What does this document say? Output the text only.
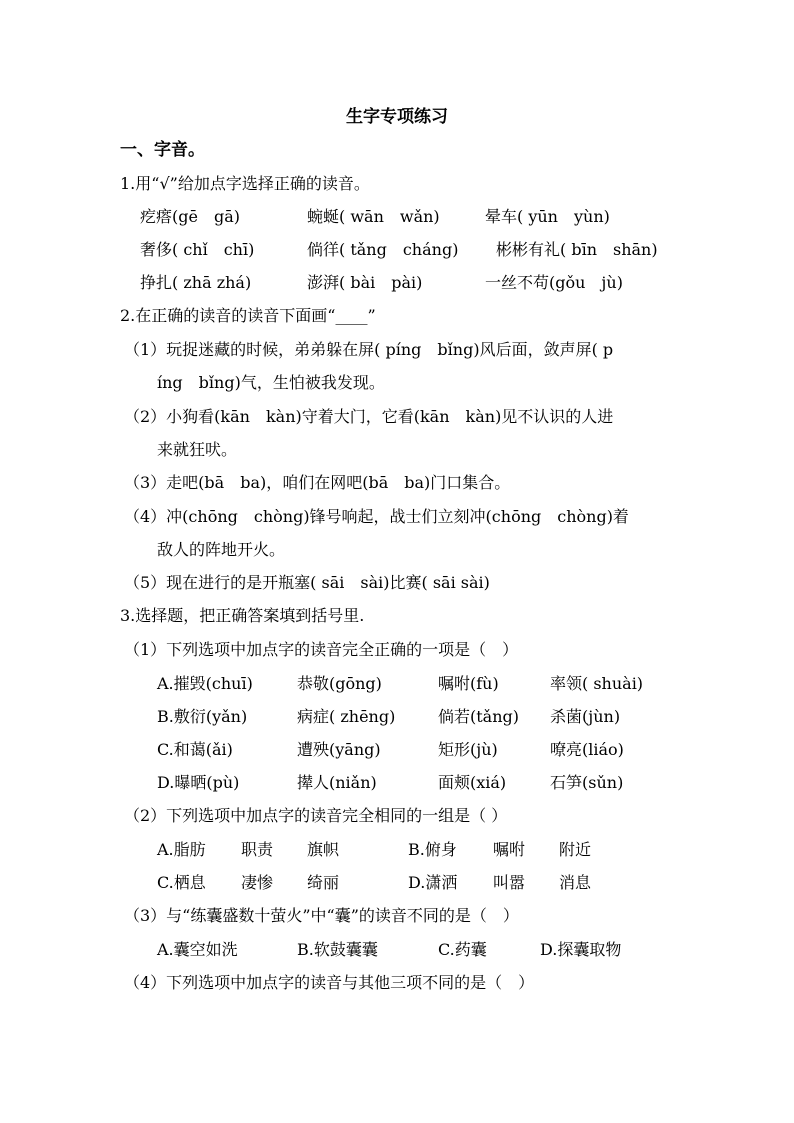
生字专项练习
一、字音。
1.用“√”给加点字选择正确的读音。
疙瘩(gē　gā)	蜿蜒( wān　wǎn)	晕车( yūn　yùn)
奢侈( chǐ　chī)	倘徉( tǎng　cháng) 彬彬有礼( bīn　shān)
挣扎( zhā zhá)	澎湃( bài　pài)	一丝不苟(gǒu　jù)
2.在正确的读音的读音下面画“____”
（1）玩捉迷藏的时候，弟弟躲在屏( píng　bǐng)风后面，敛声屏( p
íng　bǐng)气，生怕被我发现。
（2）小狗看(kān　kàn)守着大门，它看(kān　kàn)见不认识的人进
来就狂吠。
（3）走吧(bā　ba)，咱们在网吧(bā　ba)门口集合。
（4）冲(chōng　chòng)锋号响起，战士们立刻冲(chōng　chòng)着
敌人的阵地开火。
（5）现在进行的是开瓶塞( sāi　sài)比赛( sāi sài)
3.选择题，把正确答案填到括号里.
（1）下列选项中加点字的读音完全正确的一项是（　）
A.摧毁(chuī)	恭敬(gōng)	嘱咐(fù)	率领( shuài)
B.敷衍(yǎn)	病症( zhēng)	倘若(tǎng) 杀菌(jùn)
C.和蔼(ǎi)	遭殃(yāng)	矩形(jù)	嘹亮(liáo)
D.曝晒(pù)	撵人(niǎn)	面颊(xiá)	石笋(sǔn)
（2）下列选项中加点字的读音完全相同的一组是（ ）
A.脂肪 职责 旗帜	B.俯身 嘱咐 附近
C.栖息 凄惨 绮丽	D.潇洒 叫嚣 消息
（3）与“练囊盛数十萤火”中“囊”的读音不同的是（　）
A.囊空如洗	B.软鼓囊囊	C.药囊	D.探囊取物
（4）下列选项中加点字的读音与其他三项不同的是（　）
